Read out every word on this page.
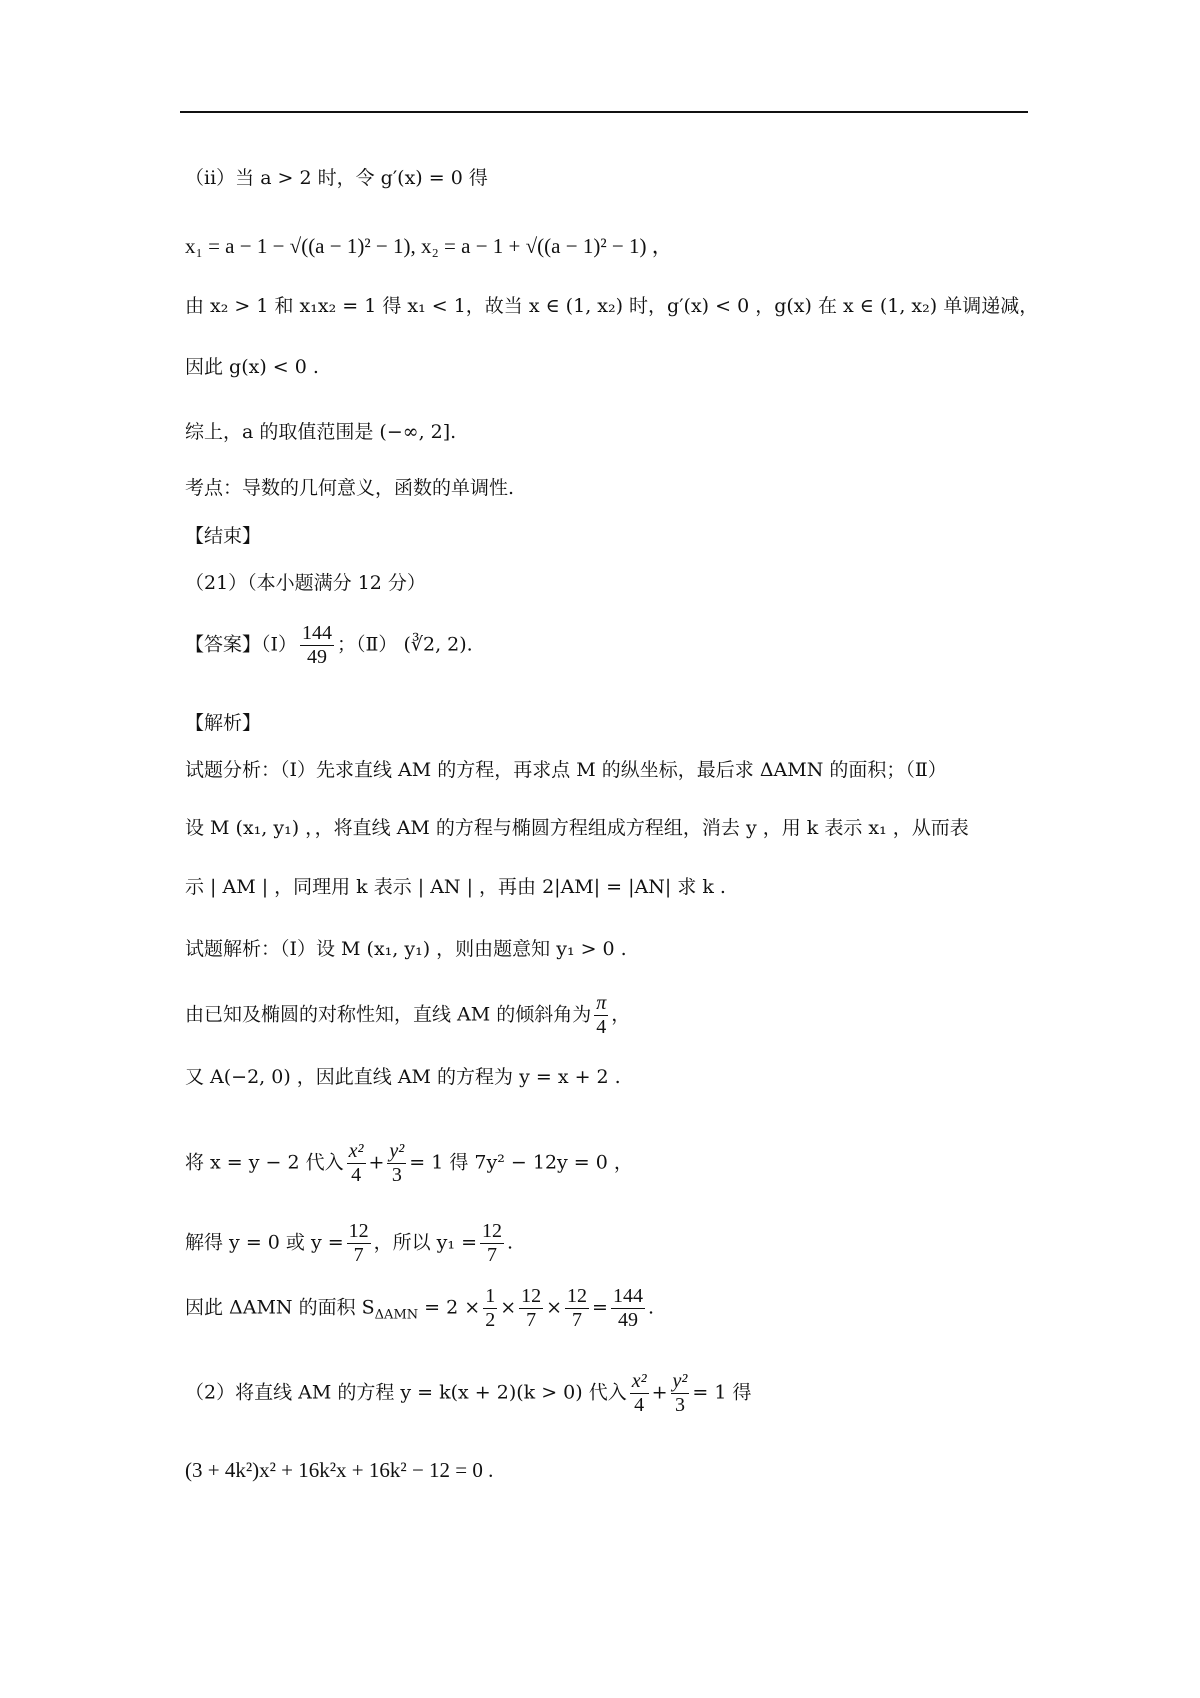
（ii）当 a > 2 时，令 g′(x) = 0 得
x₁ = a − 1 − √((a − 1)² − 1), x₂ = a − 1 + √((a − 1)² − 1) ，
由 x₂ > 1 和 x₁x₂ = 1 得 x₁ < 1，故当 x ∈ (1, x₂) 时，g′(x) < 0 ，g(x) 在 x ∈ (1, x₂) 单调递减，
因此 g(x) < 0 .
综上，a 的取值范围是 (−∞, 2].
考点：导数的几何意义，函数的单调性.
【结束】
（21）（本小题满分 12 分）
【答案】（Ⅰ） $\frac{144}{49}$ ；（Ⅱ） (∛2, 2).
【解析】
试题分析：（Ⅰ）先求直线 AM 的方程，再求点 M 的纵坐标，最后求 ΔAMN 的面积；（Ⅱ）
设 M (x₁, y₁) ，，将直线 AM 的方程与椭圆方程组成方程组，消去 y ，用 k 表示 x₁ ，从而表
示 | AM | ，同理用 k 表示 | AN | ，再由 2|AM| = |AN| 求 k .
试题解析：（Ⅰ）设 M (x₁, y₁) ，则由题意知 y₁ > 0 .
由已知及椭圆的对称性知，直线 AM 的倾斜角为 $\frac{\pi}{4}$ ，
又 A(−2, 0) ，因此直线 AM 的方程为 y = x + 2 .
将 x = y − 2 代入 $\frac{\text{x²}}{4} + \frac{\text{y²}}{3} = 1$ 得 7y² − 12y = 0 ，
解得 y = 0 或 $y = \frac{12}{7}$ ，所以 $y_1 = \frac{12}{7}$ .
因此 ΔAMN 的面积 $S_{\Delta AMN} = 2 \times \frac{1}{2} \times \frac{12}{7} \times \frac{12}{7} = \frac{144}{49}$ .
（2）将直线 AM 的方程 y = k(x + 2)(k > 0) 代入 $\frac{\text{x²}}{4} + \frac{\text{y²}}{3} = 1$ 得
(3 + 4k²)x² + 16k²x + 16k² − 12 = 0 .
